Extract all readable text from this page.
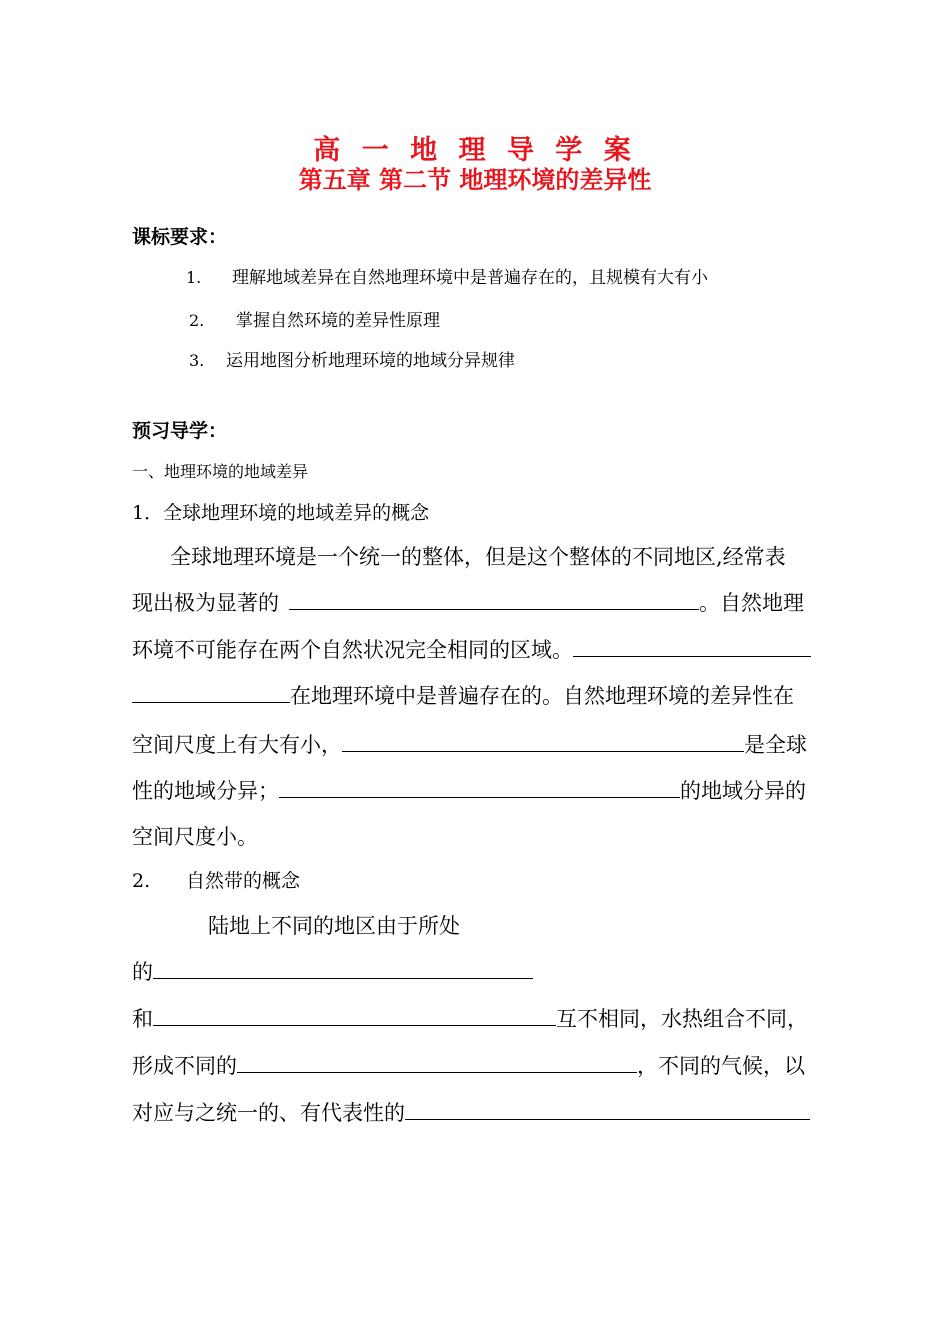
高 一 地 理 导 学 案
第五章 第二节 地理环境的差异性
课标要求：
1. 理解地域差异在自然地理环境中是普遍存在的，且规模有大有小
2. 掌握自然环境的差异性原理
3. 运用地图分析地理环境的地域分异规律
预习导学：
一、地理环境的地域差异
1．全球地理环境的地域差异的概念
全球地理环境是一个统一的整体，但是这个整体的不同地区,经常表
现出极为显著的	。自然地理
环境不可能存在两个自然状况完全相同的区域。
在地理环境中是普遍存在的。自然地理环境的差异性在
空间尺度上有大有小，	是全球
性的地域分异；	的地域分异的
空间尺度小。
2. 自然带的概念
陆地上不同的地区由于所处
的
和	互不相同，水热组合不同，
形成不同的	，不同的气候，以
对应与之统一的、有代表性的
